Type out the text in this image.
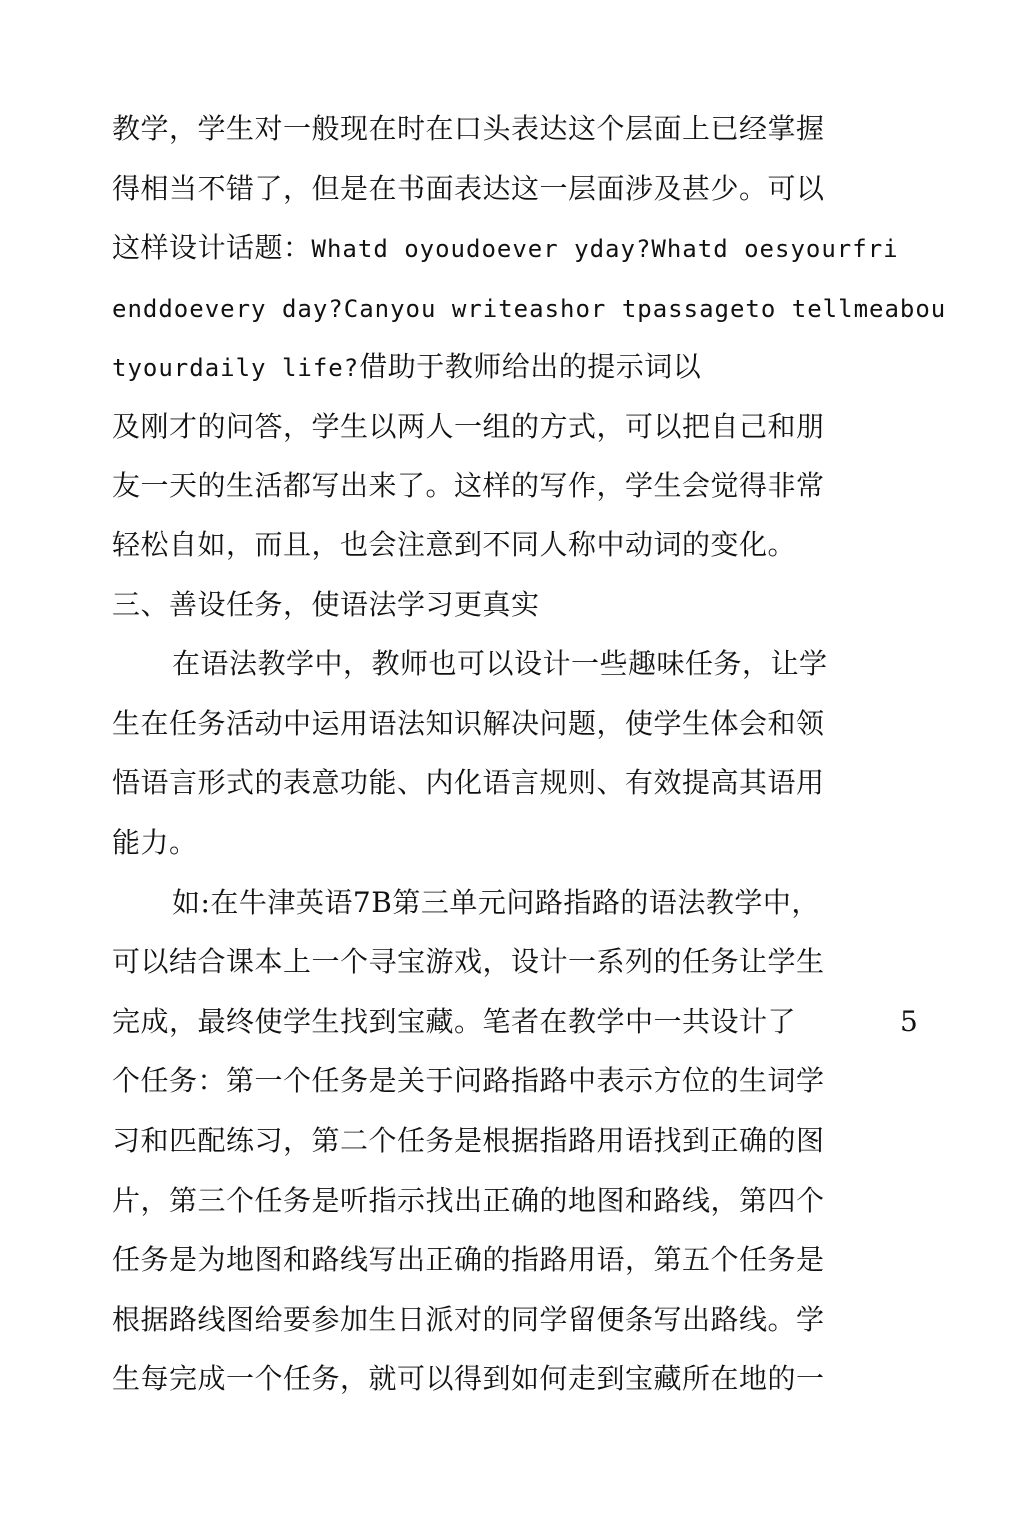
教学，学生对一般现在时在口头表达这个层面上已经掌握
得相当不错了，但是在书面表达这一层面涉及甚少。可以
这样设计话题：Whatd oyoudoever yday?Whatd oesyourfri
enddoevery day?Canyou writeashor tpassageto tellmeabou
tyourdaily life?借助于教师给出的提示词以
及刚才的问答，学生以两人一组的方式，可以把自己和朋
友一天的生活都写出来了。这样的写作，学生会觉得非常
轻松自如，而且，也会注意到不同人称中动词的变化。
三、善设任务，使语法学习更真实
在语法教学中，教师也可以设计一些趣味任务，让学
生在任务活动中运用语法知识解决问题，使学生体会和领
悟语言形式的表意功能、内化语言规则、有效提高其语用
能力。
如:在牛津英语7B第三单元问路指路的语法教学中，
可以结合课本上一个寻宝游戏，设计一系列的任务让学生
完成，最终使学生找到宝藏。笔者在教学中一共设计了	5
个任务：第一个任务是关于问路指路中表示方位的生词学
习和匹配练习，第二个任务是根据指路用语找到正确的图
片，第三个任务是听指示找出正确的地图和路线，第四个
任务是为地图和路线写出正确的指路用语，第五个任务是
根据路线图给要参加生日派对的同学留便条写出路线。学
生每完成一个任务，就可以得到如何走到宝藏所在地的一
